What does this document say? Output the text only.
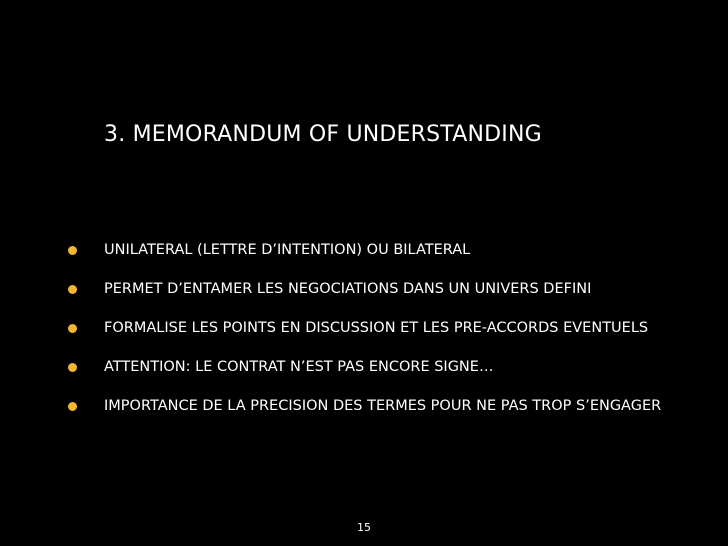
3. MEMORANDUM OF UNDERSTANDING
UNILATERAL (LETTRE D’INTENTION) OU BILATERAL
PERMET D’ENTAMER LES NEGOCIATIONS DANS UN UNIVERS DEFINI
FORMALISE LES POINTS EN DISCUSSION ET LES PRE-ACCORDS EVENTUELS
ATTENTION: LE CONTRAT N’EST PAS ENCORE SIGNE…
IMPORTANCE DE LA PRECISION DES TERMES POUR NE PAS TROP S’ENGAGER
15
